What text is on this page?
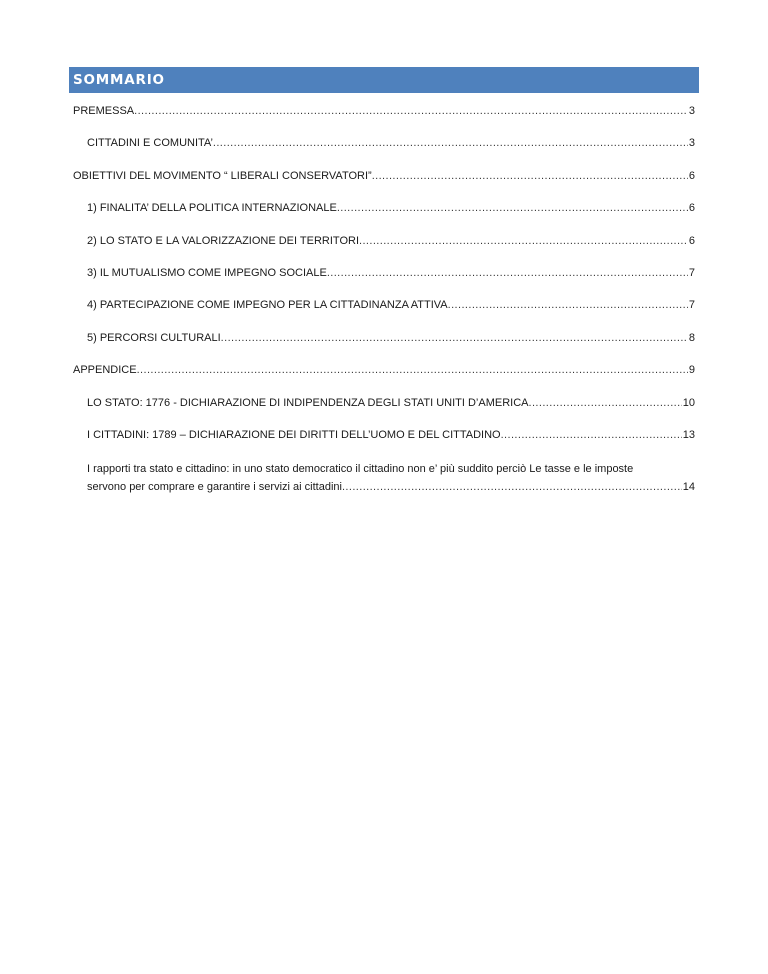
SOMMARIO
PREMESSA .....	3
CITTADINI E COMUNITA’ .....	3
OBIETTIVI DEL MOVIMENTO “ LIBERALI CONSERVATORI” .....	6
1) FINALITA’ DELLA POLITICA INTERNAZIONALE .....	6
2) LO STATO E LA VALORIZZAZIONE DEI TERRITORI .....	6
3) IL MUTUALISMO COME IMPEGNO SOCIALE .....	7
4) PARTECIPAZIONE COME IMPEGNO PER LA CITTADINANZA ATTIVA .....	7
5) PERCORSI CULTURALI .....	8
APPENDICE .....	9
LO STATO: 1776 - DICHIARAZIONE DI INDIPENDENZA DEGLI STATI UNITI D’AMERICA .....	10
I CITTADINI: 1789 – DICHIARAZIONE DEI DIRITTI DELL’UOMO E DEL CITTADINO .....	13
I rapporti tra stato e cittadino: in uno stato democratico il cittadino non e’ più suddito perciò Le tasse e le imposte
servono per comprare e garantire i servizi ai cittadini .....	14
